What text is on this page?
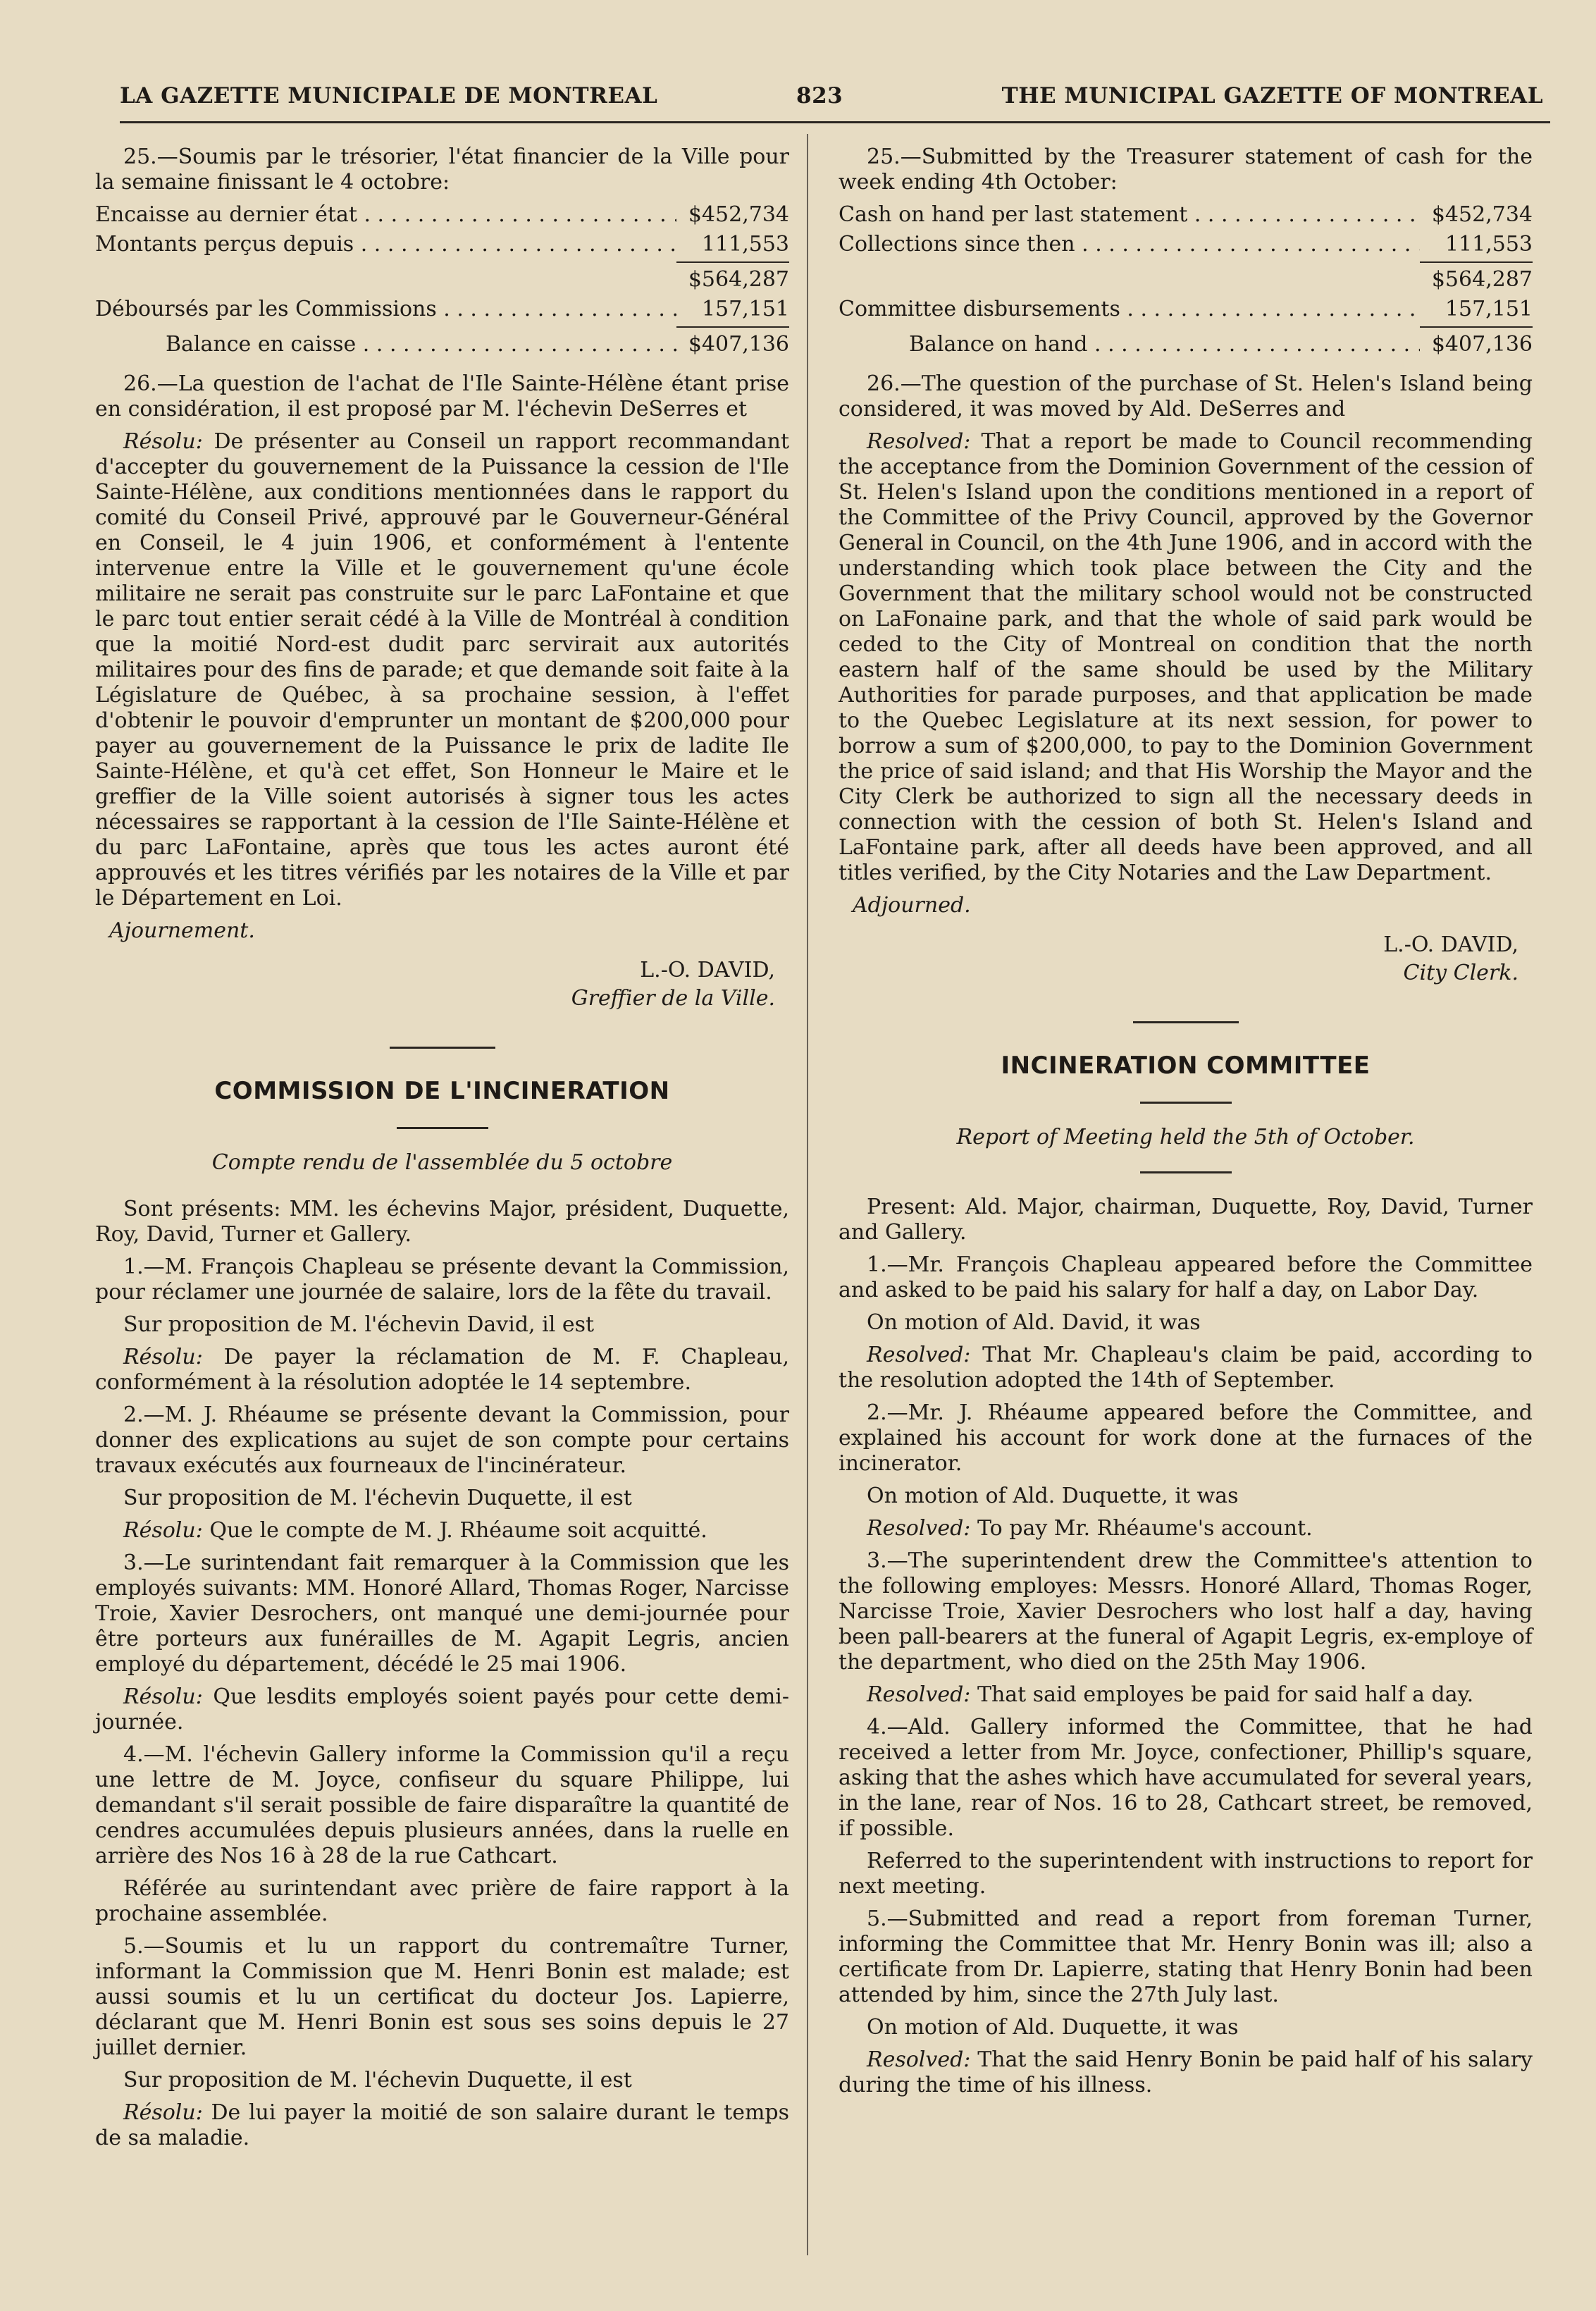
LA GAZETTE MUNICIPALE DE MONTREAL	823	THE MUNICIPAL GAZETTE OF MONTREAL

25.—Soumis par le trésorier, l'état financier de la Ville pour la semaine finissant le 4 octobre:

Encaisse au dernier état . . .	$452,734
Montants perçus depuis . . .	111,553
$564,287
Déboursés par les Commissions . . .	157,151
Balance en caisse . . .	$407,136

26.—La question de l'achat de l'Ile Sainte-Hélène étant prise en considération, il est proposé par M. l'échevin DeSerres et

Résolu: De présenter au Conseil un rapport recommandant d'accepter du gouvernement de la Puissance la cession de l'Ile Sainte-Hélène, aux conditions mentionnées dans le rapport du comité du Conseil Privé, approuvé par le Gouverneur-Général en Conseil, le 4 juin 1906, et conformément à l'entente intervenue entre la Ville et le gouvernement qu'une école militaire ne serait pas construite sur le parc LaFontaine et que le parc tout entier serait cédé à la Ville de Montréal à condition que la moitié Nord-est dudit parc servirait aux autorités militaires pour des fins de parade; et que demande soit faite à la Législature de Québec, à sa prochaine session, à l'effet d'obtenir le pouvoir d'emprunter un montant de $200,000 pour payer au gouvernement de la Puissance le prix de ladite Ile Sainte-Hélène, et qu'à cet effet, Son Honneur le Maire et le greffier de la Ville soient autorisés à signer tous les actes nécessaires se rapportant à la cession de l'Ile Sainte-Hélène et du parc LaFontaine, après que tous les actes auront été approuvés et les titres vérifiés par les notaires de la Ville et par le Département en Loi.

Ajournement.

L.-O. DAVID,

Greffier de la Ville.

COMMISSION DE L'INCINERATION
Compte rendu de l'assemblée du 5 octobre

Sont présents: MM. les échevins Major, président, Duquette, Roy, David, Turner et Gallery.

1.—M. François Chapleau se présente devant la Commission, pour réclamer une journée de salaire, lors de la fête du travail.

Sur proposition de M. l'échevin David, il est

Résolu: De payer la réclamation de M. F. Chapleau, conformément à la résolution adoptée le 14 septembre.

2.—M. J. Rhéaume se présente devant la Commission, pour donner des explications au sujet de son compte pour certains travaux exécutés aux fourneaux de l'incinérateur.

Sur proposition de M. l'échevin Duquette, il est

Résolu: Que le compte de M. J. Rhéaume soit acquitté.

3.—Le surintendant fait remarquer à la Commission que les employés suivants: MM. Honoré Allard, Thomas Roger, Narcisse Troie, Xavier Desrochers, ont manqué une demi-journée pour être porteurs aux funérailles de M. Agapit Legris, ancien employé du département, décédé le 25 mai 1906.

Résolu: Que lesdits employés soient payés pour cette demi-journée.

4.—M. l'échevin Gallery informe la Commission qu'il a reçu une lettre de M. Joyce, confiseur du square Philippe, lui demandant s'il serait possible de faire disparaître la quantité de cendres accumulées depuis plusieurs années, dans la ruelle en arrière des Nos 16 à 28 de la rue Cathcart.

Référée au surintendant avec prière de faire rapport à la prochaine assemblée.

5.—Soumis et lu un rapport du contremaître Turner, informant la Commission que M. Henri Bonin est malade; est aussi soumis et lu un certificat du docteur Jos. Lapierre, déclarant que M. Henri Bonin est sous ses soins depuis le 27 juillet dernier.

Sur proposition de M. l'échevin Duquette, il est

Résolu: De lui payer la moitié de son salaire durant le temps de sa maladie.

25.—Submitted by the Treasurer statement of cash for the week ending 4th October:

Cash on hand per last statement . . .	$452,734
Collections since then . . .	111,553
$564,287
Committee disbursements . . .	157,151
Balance on hand . . .	$407,136

26.—The question of the purchase of St. Helen's Island being considered, it was moved by Ald. DeSerres and

Resolved: That a report be made to Council recommending the acceptance from the Dominion Government of the cession of St. Helen's Island upon the conditions mentioned in a report of the Committee of the Privy Council, approved by the Governor General in Council, on the 4th June 1906, and in accord with the understanding which took place between the City and the Government that the military school would not be constructed on LaFonaine park, and that the whole of said park would be ceded to the City of Montreal on condition that the north eastern half of the same should be used by the Military Authorities for parade purposes, and that application be made to the Quebec Legislature at its next session, for power to borrow a sum of $200,000, to pay to the Dominion Government the price of said island; and that His Worship the Mayor and the City Clerk be authorized to sign all the necessary deeds in connection with the cession of both St. Helen's Island and LaFontaine park, after all deeds have been approved, and all titles verified, by the City Notaries and the Law Department.

Adjourned.

L.-O. DAVID,

City Clerk.

INCINERATION COMMITTEE
Report of Meeting held the 5th of October.

Present: Ald. Major, chairman, Duquette, Roy, David, Turner and Gallery.

1.—Mr. François Chapleau appeared before the Committee and asked to be paid his salary for half a day, on Labor Day.

On motion of Ald. David, it was

Resolved: That Mr. Chapleau's claim be paid, according to the resolution adopted the 14th of September.

2.—Mr. J. Rhéaume appeared before the Committee, and explained his account for work done at the furnaces of the incinerator.

On motion of Ald. Duquette, it was

Resolved: To pay Mr. Rhéaume's account.

3.—The superintendent drew the Committee's attention to the following employes: Messrs. Honoré Allard, Thomas Roger, Narcisse Troie, Xavier Desrochers who lost half a day, having been pall-bearers at the funeral of Agapit Legris, ex-employe of the department, who died on the 25th May 1906.

Resolved: That said employes be paid for said half a day.

4.—Ald. Gallery informed the Committee, that he had received a letter from Mr. Joyce, confectioner, Phillip's square, asking that the ashes which have accumulated for several years, in the lane, rear of Nos. 16 to 28, Cathcart street, be removed, if possible.

Referred to the superintendent with instructions to report for next meeting.

5.—Submitted and read a report from foreman Turner, informing the Committee that Mr. Henry Bonin was ill; also a certificate from Dr. Lapierre, stating that Henry Bonin had been attended by him, since the 27th July last.

On motion of Ald. Duquette, it was

Resolved: That the said Henry Bonin be paid half of his salary during the time of his illness.
